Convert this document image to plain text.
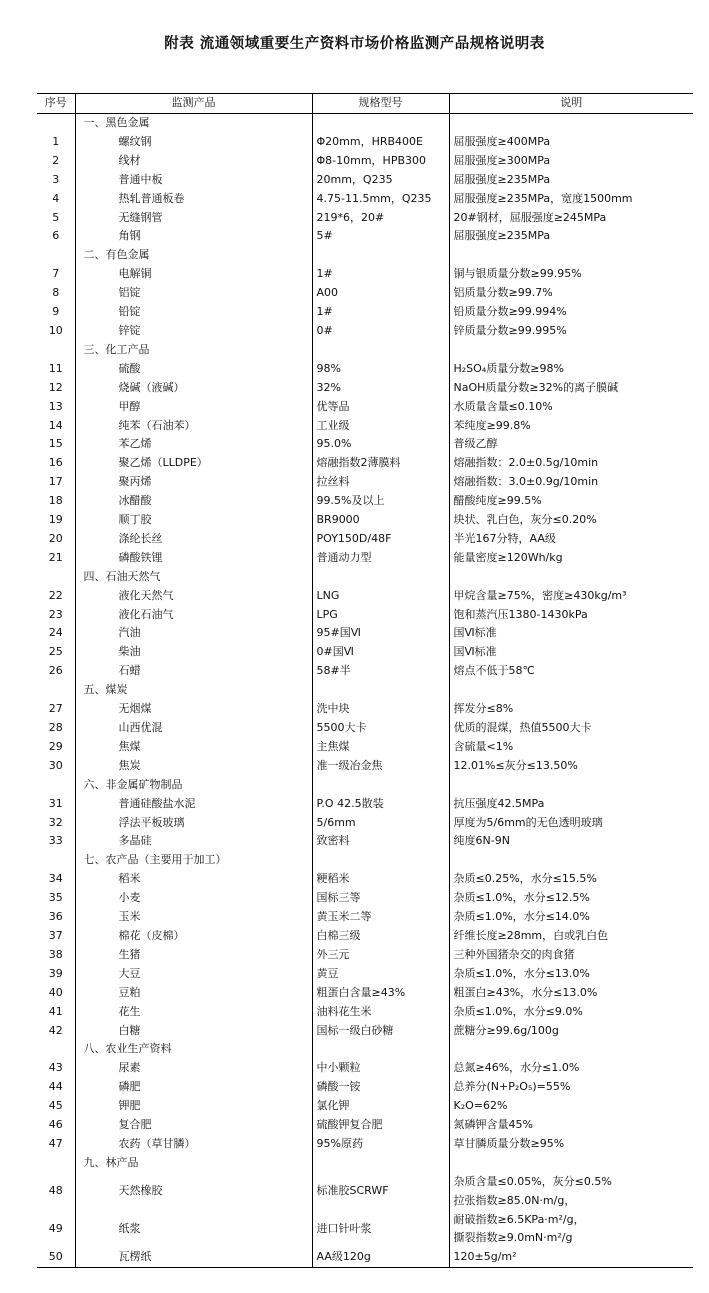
附表 流通领域重要生产资料市场价格监测产品规格说明表
序号	监测产品	规格型号	说明
	一、黑色金属		
1	螺纹钢	Φ20mm，HRB400E	屈服强度≥400MPa
2	线材	Φ8-10mm，HPB300	屈服强度≥300MPa
3	普通中板	20mm，Q235	屈服强度≥235MPa
4	热轧普通板卷	4.75-11.5mm，Q235	屈服强度≥235MPa，宽度1500mm
5	无缝钢管	219*6，20#	20#钢材，屈服强度≥245MPa
6	角钢	5#	屈服强度≥235MPa
	二、有色金属		
7	电解铜	1#	铜与银质量分数≥99.95%
8	铝锭	A00	铝质量分数≥99.7%
9	铅锭	1#	铅质量分数≥99.994%
10	锌锭	0#	锌质量分数≥99.995%
	三、化工产品		
11	硫酸	98%	H₂SO₄质量分数≥98%
12	烧碱（液碱）	32%	NaOH质量分数≥32%的离子膜碱
13	甲醇	优等品	水质量含量≤0.10%
14	纯苯（石油苯）	工业级	苯纯度≥99.8%
15	苯乙烯	95.0%	普级乙醇
16	聚乙烯（LLDPE）	熔融指数2薄膜料	熔融指数：2.0±0.5g/10min
17	聚丙烯	拉丝料	熔融指数：3.0±0.9g/10min
18	冰醋酸	99.5%及以上	醋酸纯度≥99.5%
19	顺丁胶	BR9000	块状、乳白色，灰分≤0.20%
20	涤纶长丝	POY150D/48F	半光167分特，AA级
21	磷酸铁锂	普通动力型	能量密度≥120Wh/kg
	四、石油天然气		
22	液化天然气	LNG	甲烷含量≥75%，密度≥430kg/m³
23	液化石油气	LPG	饱和蒸汽压1380-1430kPa
24	汽油	95#国Ⅵ	国Ⅵ标准
25	柴油	0#国Ⅵ	国Ⅵ标准
26	石蜡	58#半	熔点不低于58℃
	五、煤炭		
27	无烟煤	洗中块	挥发分≤8%
28	山西优混	5500大卡	优质的混煤，热值5500大卡
29	焦煤	主焦煤	含硫量<1%
30	焦炭	准一级冶金焦	12.01%≤灰分≤13.50%
	六、非金属矿物制品		
31	普通硅酸盐水泥	P.O 42.5散装	抗压强度42.5MPa
32	浮法平板玻璃	5/6mm	厚度为5/6mm的无色透明玻璃
33	多晶硅	致密料	纯度6N-9N
	七、农产品（主要用于加工）		
34	稻米	粳稻米	杂质≤0.25%，水分≤15.5%
35	小麦	国标三等	杂质≤1.0%，水分≤12.5%
36	玉米	黄玉米二等	杂质≤1.0%，水分≤14.0%
37	棉花（皮棉）	白棉三级	纤维长度≥28mm，白或乳白色
38	生猪	外三元	三种外国猪杂交的肉食猪
39	大豆	黄豆	杂质≤1.0%，水分≤13.0%
40	豆粕	粗蛋白含量≥43%	粗蛋白≥43%，水分≤13.0%
41	花生	油料花生米	杂质≤1.0%，水分≤9.0%
42	白糖	国标一级白砂糖	蔗糖分≥99.6g/100g
	八、农业生产资料		
43	尿素	中小颗粒	总氮≥46%，水分≤1.0%
44	磷肥	磷酸一铵	总养分(N+P₂O₅)=55%
45	钾肥	氯化钾	K₂O=62%
46	复合肥	硫酸钾复合肥	氮磷钾含量45%
47	农药（草甘膦）	95%原药	草甘膦质量分数≥95%
	九、林产品		
48	天然橡胶	标准胶SCRWF	杂质含量≤0.05%，灰分≤0.5%
拉张指数≥85.0N·m/g，

49	纸浆	进口针叶浆	耐破指数≥6.5KPa·m²/g，
撕裂指数≥9.0mN·m²/g

50	瓦楞纸	AA级120g	120±5g/m²
